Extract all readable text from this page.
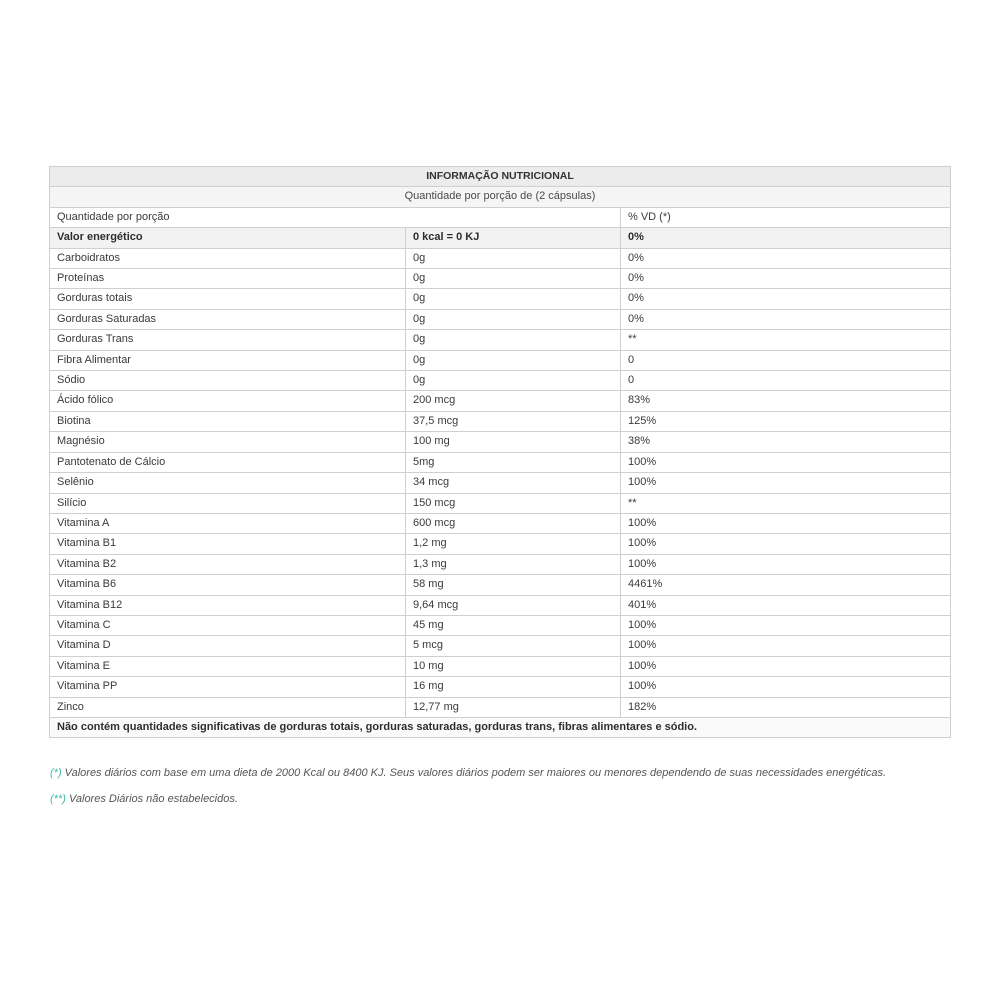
INFORMAÇÃO NUTRICIONAL		
Quantidade por porção de (2 cápsulas)		
Quantidade por porção		% VD (*)
Valor energético	0 kcal = 0 KJ	0%
Carboidratos	0g	0%
Proteínas	0g	0%
Gorduras totais	0g	0%
Gorduras Saturadas	0g	0%
Gorduras Trans	0g	**
Fibra Alimentar	0g	0
Sódio	0g	0
Ácido fólico	200 mcg	83%
Biotina	37,5 mcg	125%
Magnésio	100 mg	38%
Pantotenato de Cálcio	5mg	100%
Selênio	34 mcg	100%
Silício	150 mcg	**
Vitamina A	600 mcg	100%
Vitamina B1	1,2 mg	100%
Vitamina B2	1,3 mg	100%
Vitamina B6	58 mg	4461%
Vitamina B12	9,64 mcg	401%
Vitamina C	45 mg	100%
Vitamina D	5 mcg	100%
Vitamina E	10 mg	100%
Vitamina PP	16 mg	100%
Zinco	12,77 mg	182%
Não contém quantidades significativas de gorduras totais, gorduras saturadas, gorduras trans, fibras alimentares e sódio.		
(*) Valores diários com base em uma dieta de 2000 Kcal ou 8400 KJ. Seus valores diários podem ser maiores ou menores dependendo de suas necessidades energéticas.
(**) Valores Diários não estabelecidos.
